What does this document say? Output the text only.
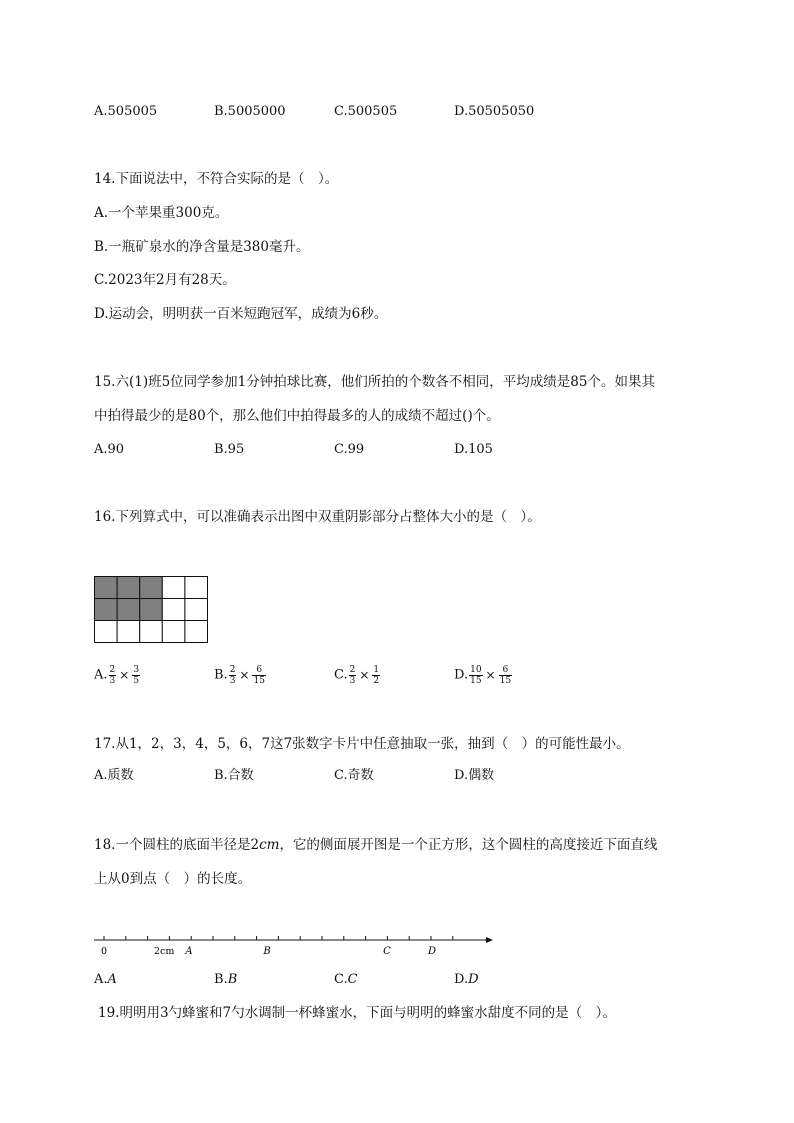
A.505005	B.5005000	C.500505	D.50505050
14.下面说法中，不符合实际的是（　）。
A.一个苹果重300克。
B.一瓶矿泉水的净含量是380毫升。
C.2023年2月有28天。
D.运动会，明明获一百米短跑冠军，成绩为6秒。
15.六(1)班5位同学参加1分钟拍球比赛，他们所拍的个数各不相同，平均成绩是85个。如果其
中拍得最少的是80个，那么他们中拍得最多的人的成绩不超过()个。
A.90	B.95	C.99	D.105
16.下列算式中，可以准确表示出图中双重阴影部分占整体大小的是（　）。
A. $\frac{2}{3} \times \frac{3}{5}$	B. $\frac{2}{3} \times \frac{6}{15}$	C. $\frac{2}{3} \times \frac{1}{2}$	D. $\frac{10}{15} \times \frac{6}{15}$
17.从1，2，3，4，5，6，7这7张数字卡片中任意抽取一张，抽到（　）的可能性最小。
A.质数	B.合数	C.奇数	D.偶数
18.一个圆柱的底面半径是2cm，它的侧面展开图是一个正方形，这个圆柱的高度接近下面直线
上从0到点（　）的长度。
0	2cm A	B	C	D
A.A	B.B	C.C	D.D
19.明明用3勺蜂蜜和7勺水调制一杯蜂蜜水，下面与明明的蜂蜜水甜度不同的是（　）。
